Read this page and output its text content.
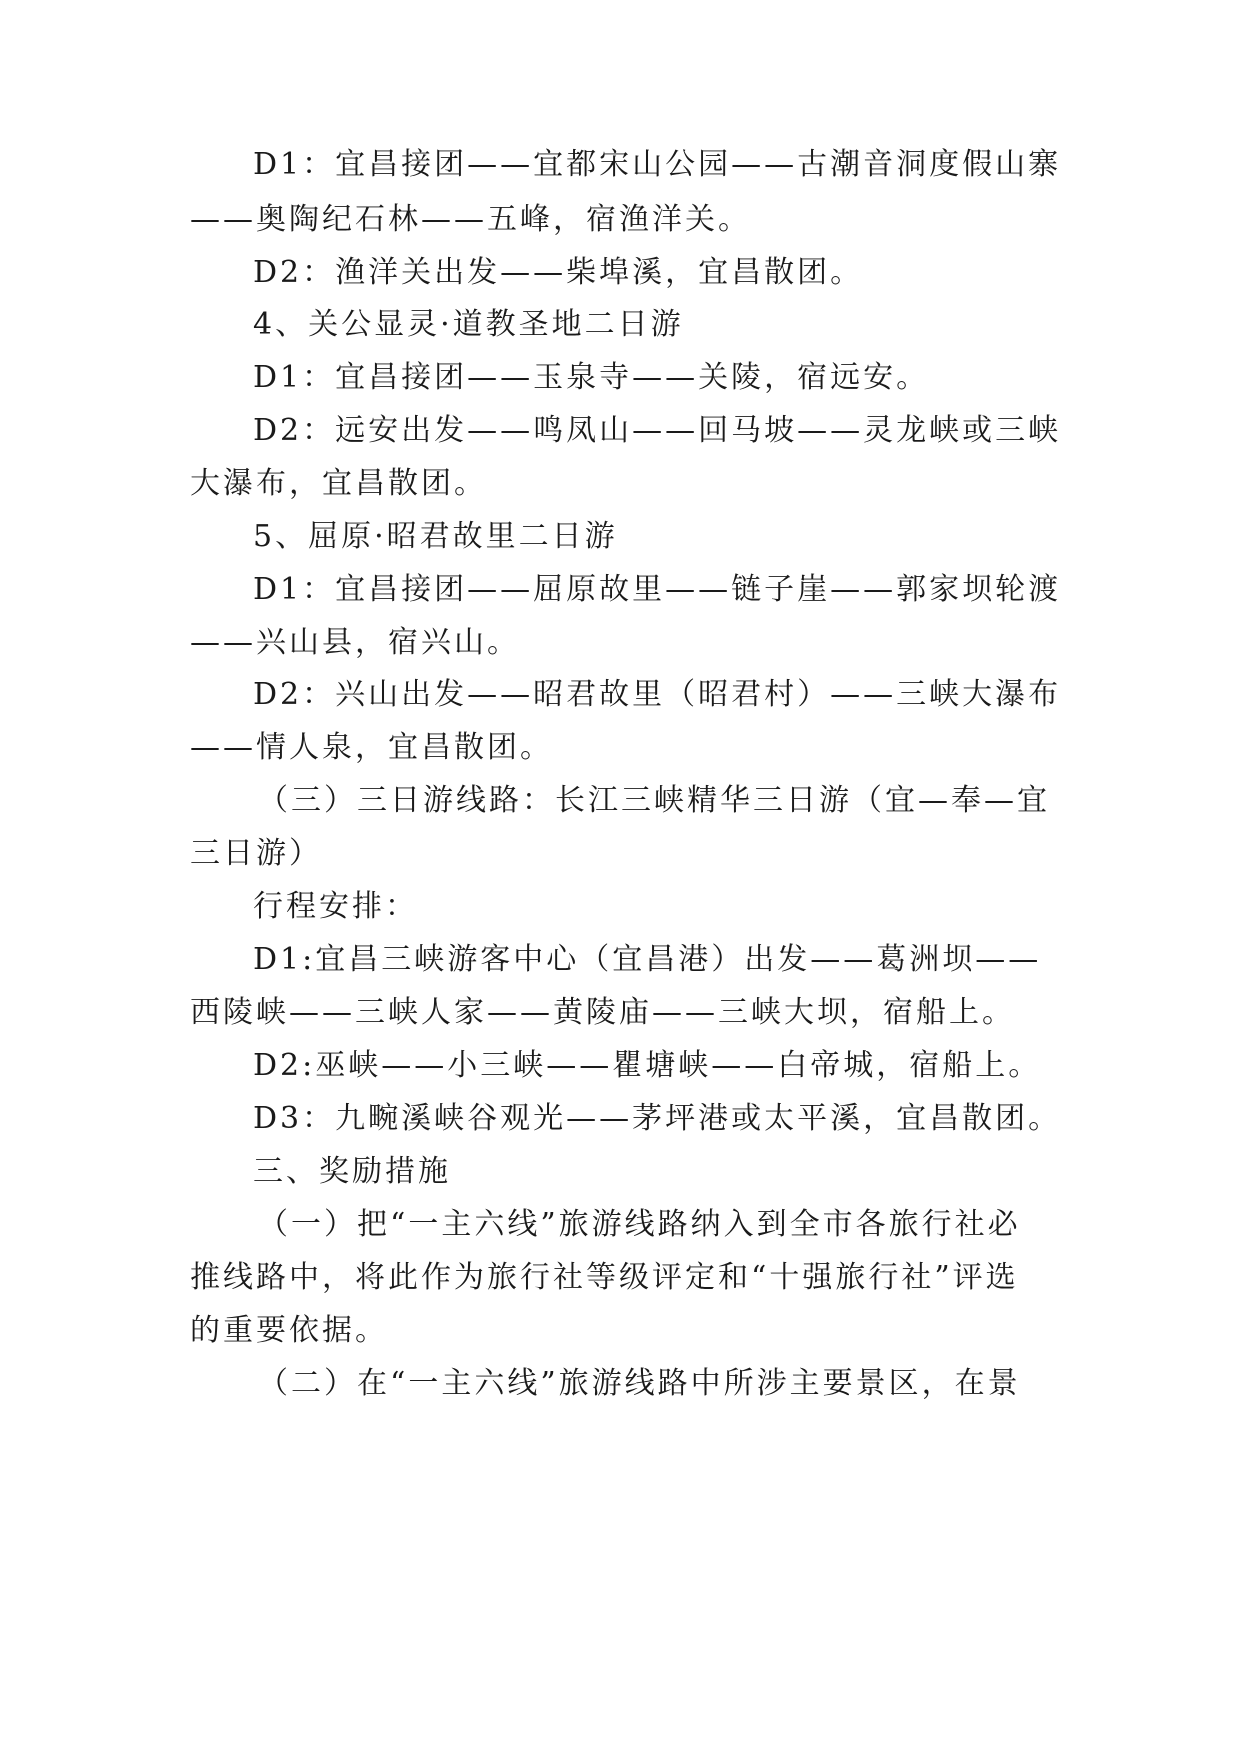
D1：宜昌接团——宜都宋山公园——古潮音洞度假山寨
——奥陶纪石林——五峰，宿渔洋关。
D2：渔洋关出发——柴埠溪，宜昌散团。
4、关公显灵·道教圣地二日游
D1：宜昌接团——玉泉寺——关陵，宿远安。
D2：远安出发——鸣凤山——回马坡——灵龙峡或三峡
大瀑布，宜昌散团。
5、屈原·昭君故里二日游
D1：宜昌接团——屈原故里——链子崖——郭家坝轮渡
——兴山县，宿兴山。
D2：兴山出发——昭君故里（昭君村）——三峡大瀑布
——情人泉，宜昌散团。
（三）三日游线路：长江三峡精华三日游（宜—奉—宜
三日游）
行程安排：
D1:宜昌三峡游客中心（宜昌港）出发——葛洲坝——
西陵峡——三峡人家——黄陵庙——三峡大坝，宿船上。
D2:巫峡——小三峡——瞿塘峡——白帝城，宿船上。
D3：九畹溪峡谷观光——茅坪港或太平溪，宜昌散团。
三、奖励措施
（一）把“一主六线”旅游线路纳入到全市各旅行社必
推线路中，将此作为旅行社等级评定和“十强旅行社”评选
的重要依据。
（二）在“一主六线”旅游线路中所涉主要景区，在景
